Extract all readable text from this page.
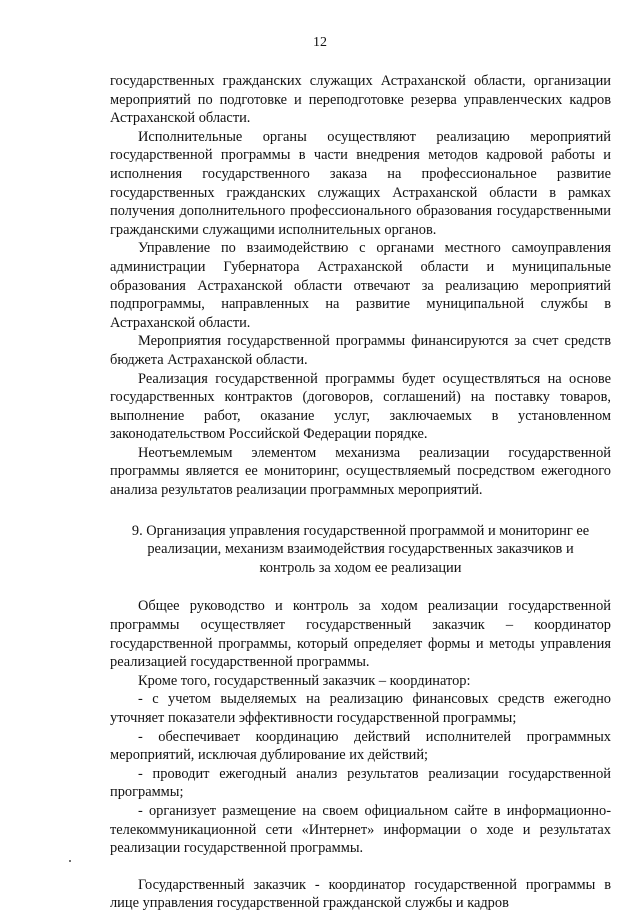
12

государственных гражданских служащих Астраханской области, организации мероприятий по подготовке и переподготовке резерва управленческих кадров Астраханской области.

Исполнительные органы осуществляют реализацию мероприятий государственной программы в части внедрения методов кадровой работы и исполнения государственного заказа на профессиональное развитие государственных гражданских служащих Астраханской области в рамках получения дополнительного профессионального образования государственными гражданскими служащими исполнительных органов.

Управление по взаимодействию с органами местного самоуправления администрации Губернатора Астраханской области и муниципальные образования Астраханской области отвечают за реализацию мероприятий подпрограммы, направленных на развитие муниципальной службы в Астраханской области.

Мероприятия государственной программы финансируются за счет средств бюджета Астраханской области.

Реализация государственной программы будет осуществляться на основе государственных контрактов (договоров, соглашений) на поставку товаров, выполнение работ, оказание услуг, заключаемых в установленном законодательством Российской Федерации порядке.

Неотъемлемым элементом механизма реализации государственной программы является ее мониторинг, осуществляемый посредством ежегодного анализа результатов реализации программных мероприятий.

9. Организация управления государственной программой и мониторинг ее реализации, механизм взаимодействия государственных заказчиков и контроль за ходом ее реализации

Общее руководство и контроль за ходом реализации государственной программы осуществляет государственный заказчик – координатор государственной программы, который определяет формы и методы управления реализацией государственной программы.

Кроме того, государственный заказчик – координатор:

- с учетом выделяемых на реализацию финансовых средств ежегодно уточняет показатели эффективности государственной программы;

- обеспечивает координацию действий исполнителей программных мероприятий, исключая дублирование их действий;

- проводит ежегодный анализ результатов реализации государственной программы;

- организует размещение на своем официальном сайте в информационно-телекоммуникационной сети «Интернет» информации о ходе и результатах реализации государственной программы.

Государственный заказчик - координатор государственной программы в лице управления государственной гражданской службы и кадров
